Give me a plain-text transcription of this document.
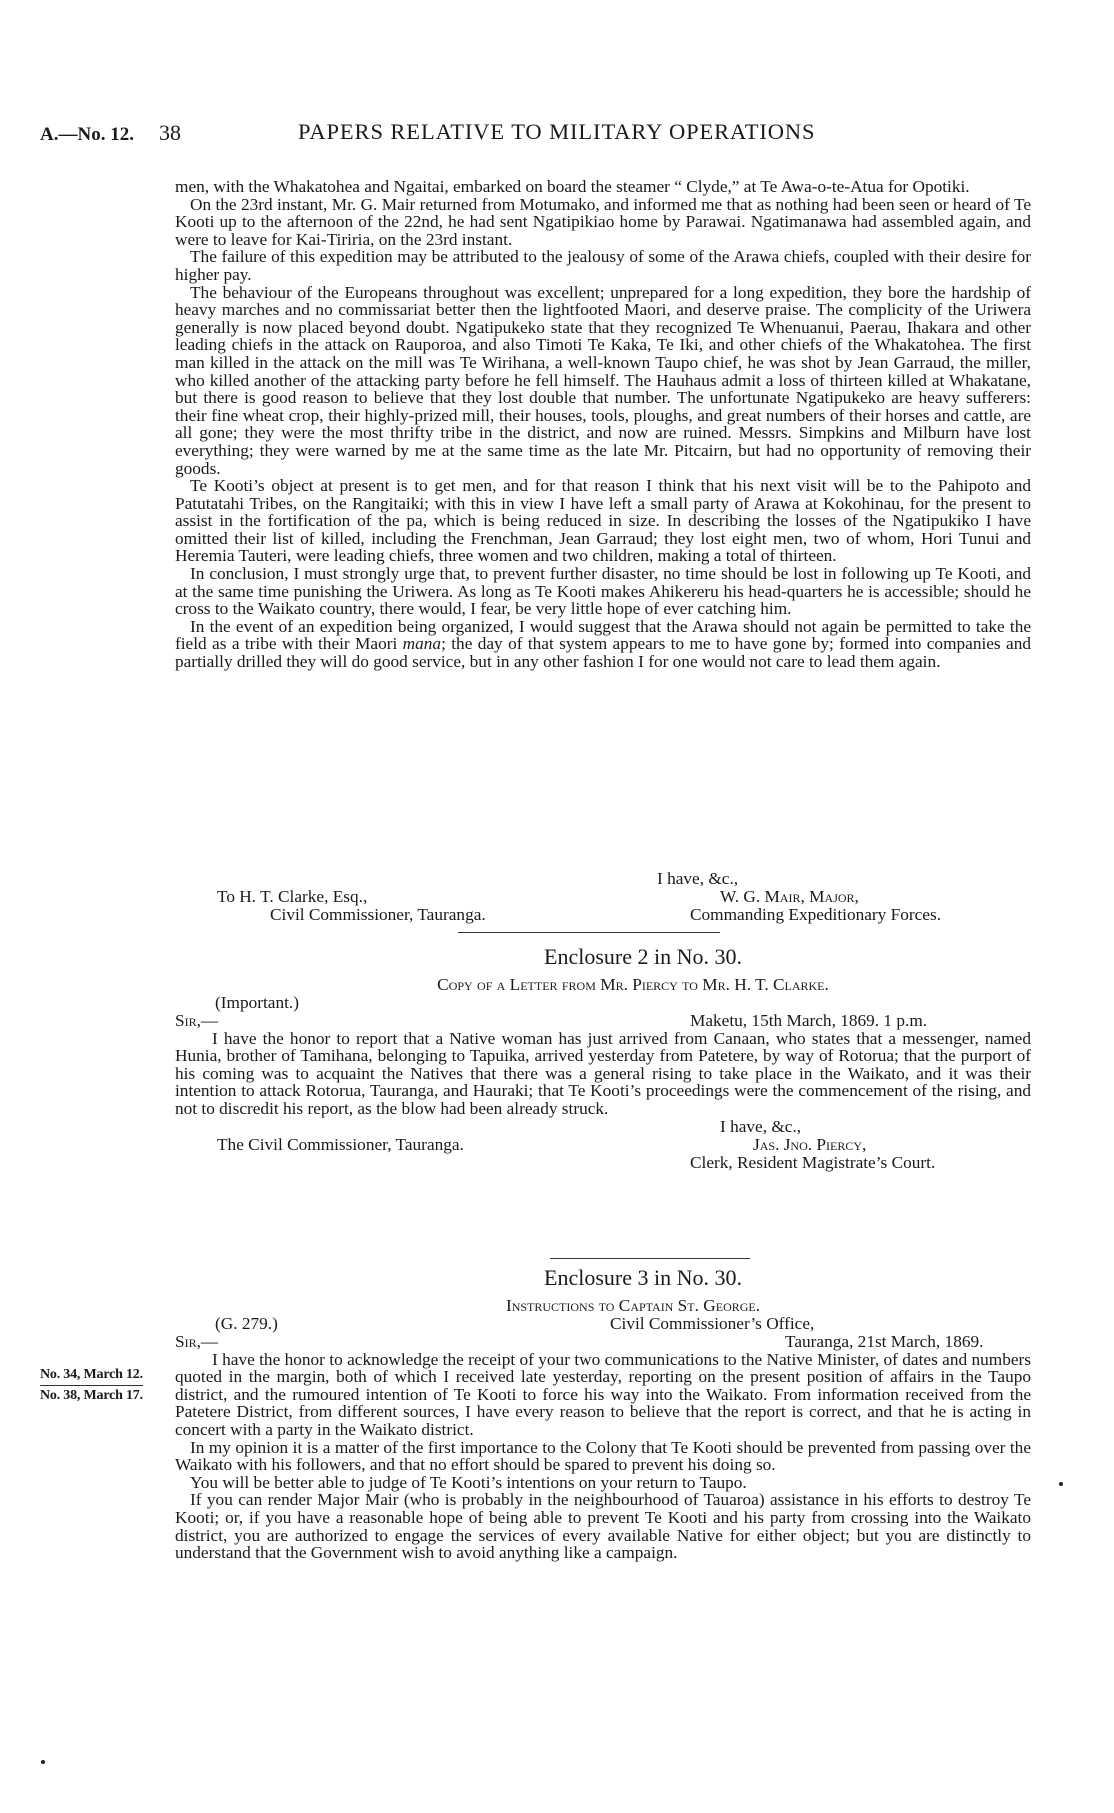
A.—No. 12. 38	PAPERS RELATIVE TO MILITARY OPERATIONS

men, with the Whakatohea and Ngaitai, embarked on board the steamer “ Clyde,” at Te Awa-o-te-Atua for Opotiki.

On the 23rd instant, Mr. G. Mair returned from Motumako, and informed me that as nothing had been seen or heard of Te Kooti up to the afternoon of the 22nd, he had sent Ngatipikiao home by Parawai. Ngatimanawa had assembled again, and were to leave for Kai-Tiriria, on the 23rd instant.

The failure of this expedition may be attributed to the jealousy of some of the Arawa chiefs, coupled with their desire for higher pay.

The behaviour of the Europeans throughout was excellent; unprepared for a long expedition, they bore the hardship of heavy marches and no commissariat better then the lightfooted Maori, and deserve praise. The complicity of the Uriwera generally is now placed beyond doubt. Ngatipukeko state that they recognized Te Whenuanui, Paerau, Ihakara and other leading chiefs in the attack on Rauporoa, and also Timoti Te Kaka, Te Iki, and other chiefs of the Whakatohea. The first man killed in the attack on the mill was Te Wirihana, a well-known Taupo chief, he was shot by Jean Garraud, the miller, who killed another of the attacking party before he fell himself. The Hauhaus admit a loss of thirteen killed at Whakatane, but there is good reason to believe that they lost double that number. The unfortunate Ngatipukeko are heavy sufferers: their fine wheat crop, their highly-prized mill, their houses, tools, ploughs, and great numbers of their horses and cattle, are all gone; they were the most thrifty tribe in the district, and now are ruined. Messrs. Simpkins and Milburn have lost everything; they were warned by me at the same time as the late Mr. Pitcairn, but had no opportunity of removing their goods.

Te Kooti’s object at present is to get men, and for that reason I think that his next visit will be to the Pahipoto and Patutatahi Tribes, on the Rangitaiki; with this in view I have left a small party of Arawa at Kokohinau, for the present to assist in the fortification of the pa, which is being reduced in size. In describing the losses of the Ngatipukiko I have omitted their list of killed, including the Frenchman, Jean Garraud; they lost eight men, two of whom, Hori Tunui and Heremia Tauteri, were leading chiefs, three women and two children, making a total of thirteen.

In conclusion, I must strongly urge that, to prevent further disaster, no time should be lost in following up Te Kooti, and at the same time punishing the Uriwera. As long as Te Kooti makes Ahikereru his head-quarters he is accessible; should he cross to the Waikato country, there would, I fear, be very little hope of ever catching him.

In the event of an expedition being organized, I would suggest that the Arawa should not again be permitted to take the field as a tribe with their Maori mana; the day of that system appears to me to have gone by; formed into companies and partially drilled they will do good service, but in any other fashion I for one would not care to lead them again.

I have, &c.,
To H. T. Clarke, Esq.,
Civil Commissioner, Tauranga.
W. G. Mair, Major,
Commanding Expeditionary Forces.
Enclosure 2 in No. 30.
Copy of a Letter from Mr. Piercy to Mr. H. T. Clarke.
(Important.)
Sir,—	Maketu, 15th March, 1869. 1 p.m.

I have the honor to report that a Native woman has just arrived from Canaan, who states that a messenger, named Hunia, brother of Tamihana, belonging to Tapuika, arrived yesterday from Patetere, by way of Rotorua; that the purport of his coming was to acquaint the Natives that there was a general rising to take place in the Waikato, and it was their intention to attack Rotorua, Tauranga, and Hauraki; that Te Kooti’s proceedings were the commencement of the rising, and not to discredit his report, as the blow had been already struck.

I have, &c.,
The Civil Commissioner, Tauranga.	Jas. Jno. Piercy,
Clerk, Resident Magistrate’s Court.
No. 34, March 12.
No. 38, March 17.
Enclosure 3 in No. 30.
Instructions to Captain St. George.
(G. 279.)	Civil Commissioner’s Office,
Sir,—	Tauranga, 21st March, 1869.

I have the honor to acknowledge the receipt of your two communications to the Native Minister, of dates and numbers quoted in the margin, both of which I received late yesterday, reporting on the present position of affairs in the Taupo district, and the rumoured intention of Te Kooti to force his way into the Waikato. From information received from the Patetere District, from different sources, I have every reason to believe that the report is correct, and that he is acting in concert with a party in the Waikato district.

In my opinion it is a matter of the first importance to the Colony that Te Kooti should be prevented from passing over the Waikato with his followers, and that no effort should be spared to prevent his doing so.

You will be better able to judge of Te Kooti’s intentions on your return to Taupo.

If you can render Major Mair (who is probably in the neighbourhood of Tauaroa) assistance in his efforts to destroy Te Kooti; or, if you have a reasonable hope of being able to prevent Te Kooti and his party from crossing into the Waikato district, you are authorized to engage the services of every available Native for either object; but you are distinctly to understand that the Government wish to avoid anything like a campaign.
